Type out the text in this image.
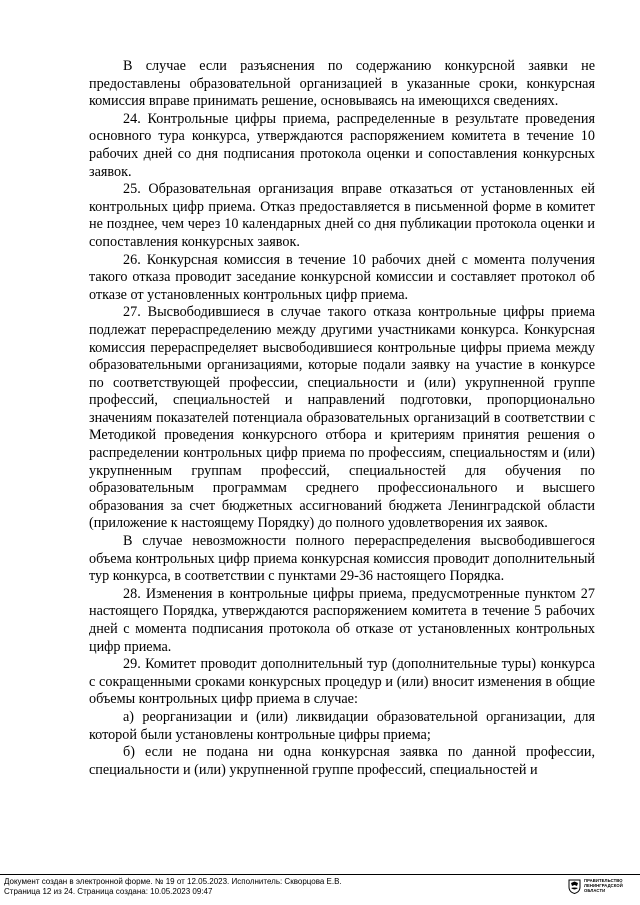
В случае если разъяснения по содержанию конкурсной заявки не предоставлены образовательной организацией в указанные сроки, конкурсная комиссия вправе принимать решение, основываясь на имеющихся сведениях.

24. Контрольные цифры приема, распределенные в результате проведения основного тура конкурса, утверждаются распоряжением комитета в течение 10 рабочих дней со дня подписания протокола оценки и сопоставления конкурсных заявок.

25. Образовательная организация вправе отказаться от установленных ей контрольных цифр приема. Отказ предоставляется в письменной форме в комитет не позднее, чем через 10 календарных дней со дня публикации протокола оценки и сопоставления конкурсных заявок.

26. Конкурсная комиссия в течение 10 рабочих дней с момента получения такого отказа проводит заседание конкурсной комиссии и составляет протокол об отказе от установленных контрольных цифр приема.

27. Высвободившиеся в случае такого отказа контрольные цифры приема подлежат перераспределению между другими участниками конкурса. Конкурсная комиссия перераспределяет высвободившиеся контрольные цифры приема между образовательными организациями, которые подали заявку на участие в конкурсе по соответствующей профессии, специальности и (или) укрупненной группе профессий, специальностей и направлений подготовки, пропорционально значениям показателей потенциала образовательных организаций в соответствии с Методикой проведения конкурсного отбора и критериям принятия решения о распределении контрольных цифр приема по профессиям, специальностям и (или) укрупненным группам профессий, специальностей для обучения по образовательным программам среднего профессионального и высшего образования за счет бюджетных ассигнований бюджета Ленинградской области (приложение к настоящему Порядку) до полного удовлетворения их заявок.

В случае невозможности полного перераспределения высвободившегося объема контрольных цифр приема конкурсная комиссия проводит дополнительный тур конкурса, в соответствии с пунктами 29-36 настоящего Порядка.

28. Изменения в контрольные цифры приема, предусмотренные пунктом 27 настоящего Порядка, утверждаются распоряжением комитета в течение 5 рабочих дней с момента подписания протокола об отказе от установленных контрольных цифр приема.

29. Комитет проводит дополнительный тур (дополнительные туры) конкурса с сокращенными сроками конкурсных процедур и (или) вносит изменения в общие объемы контрольных цифр приема в случае:

а) реорганизации и (или) ликвидации образовательной организации, для которой были установлены контрольные цифры приема;

б) если не подана ни одна конкурсная заявка по данной профессии, специальности и (или) укрупненной группе профессий, специальностей и

Документ создан в электронной форме. № 19 от 12.05.2023. Исполнитель: Скворцова Е.В.
Страница 12 из 24. Страница создана: 10.05.2023 09:47
ПРАВИТЕЛЬСТВО
ЛЕНИНГРАДСКОЙ
ОБЛАСТИ
